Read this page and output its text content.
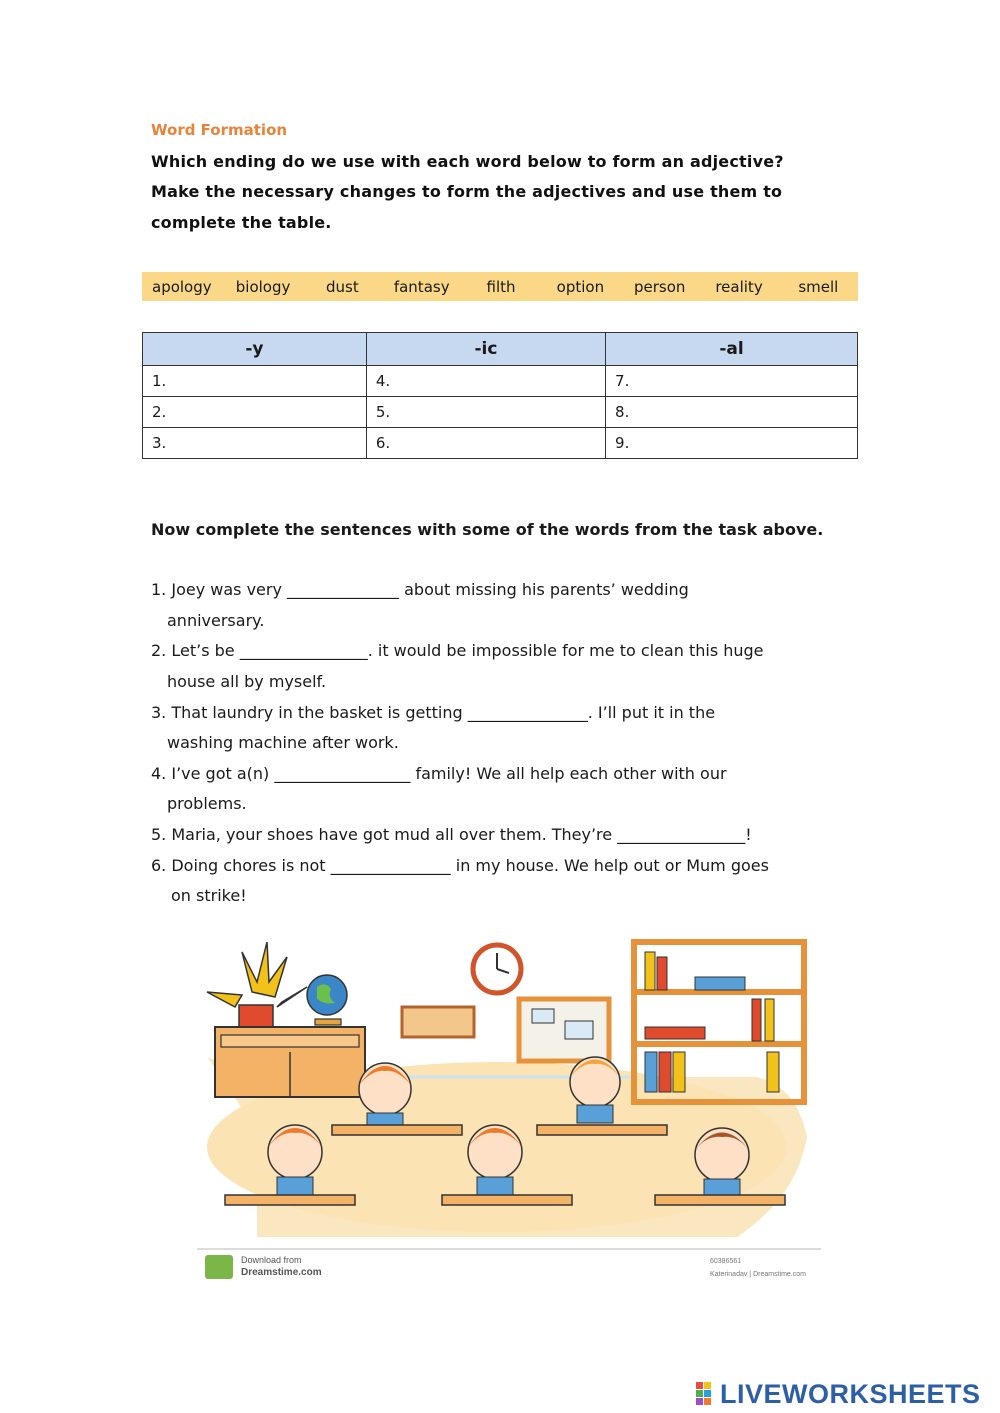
Word Formation
Which ending do we use with each word below to form an adjective?
Make the necessary changes to form the adjectives and use them to
complete the table.
apology	biology	dust	fantasy	filth	option	person	reality	smell
-y	-ic	-al
1.	4.	7.
2.	5.	8.
3.	6.	9.
Now complete the sentences with some of the words from the task above.
1. Joey was very ______________ about missing his parents’ wedding
anniversary.
2. Let’s be ________________. it would be impossible for me to clean this huge
house all by myself.
3. That laundry in the basket is getting _______________. I’ll put it in the
washing machine after work.
4. I’ve got a(n) _________________ family! We all help each other with our
problems.
5. Maria, your shoes have got mud all over them. They’re ________________!
6. Doing chores is not _______________ in my house. We help out or Mum goes
on strike!
Download from
Dreamstime.com
60386561
Katerinadav | Dreamstime.com
LIVEWORKSHEETS
